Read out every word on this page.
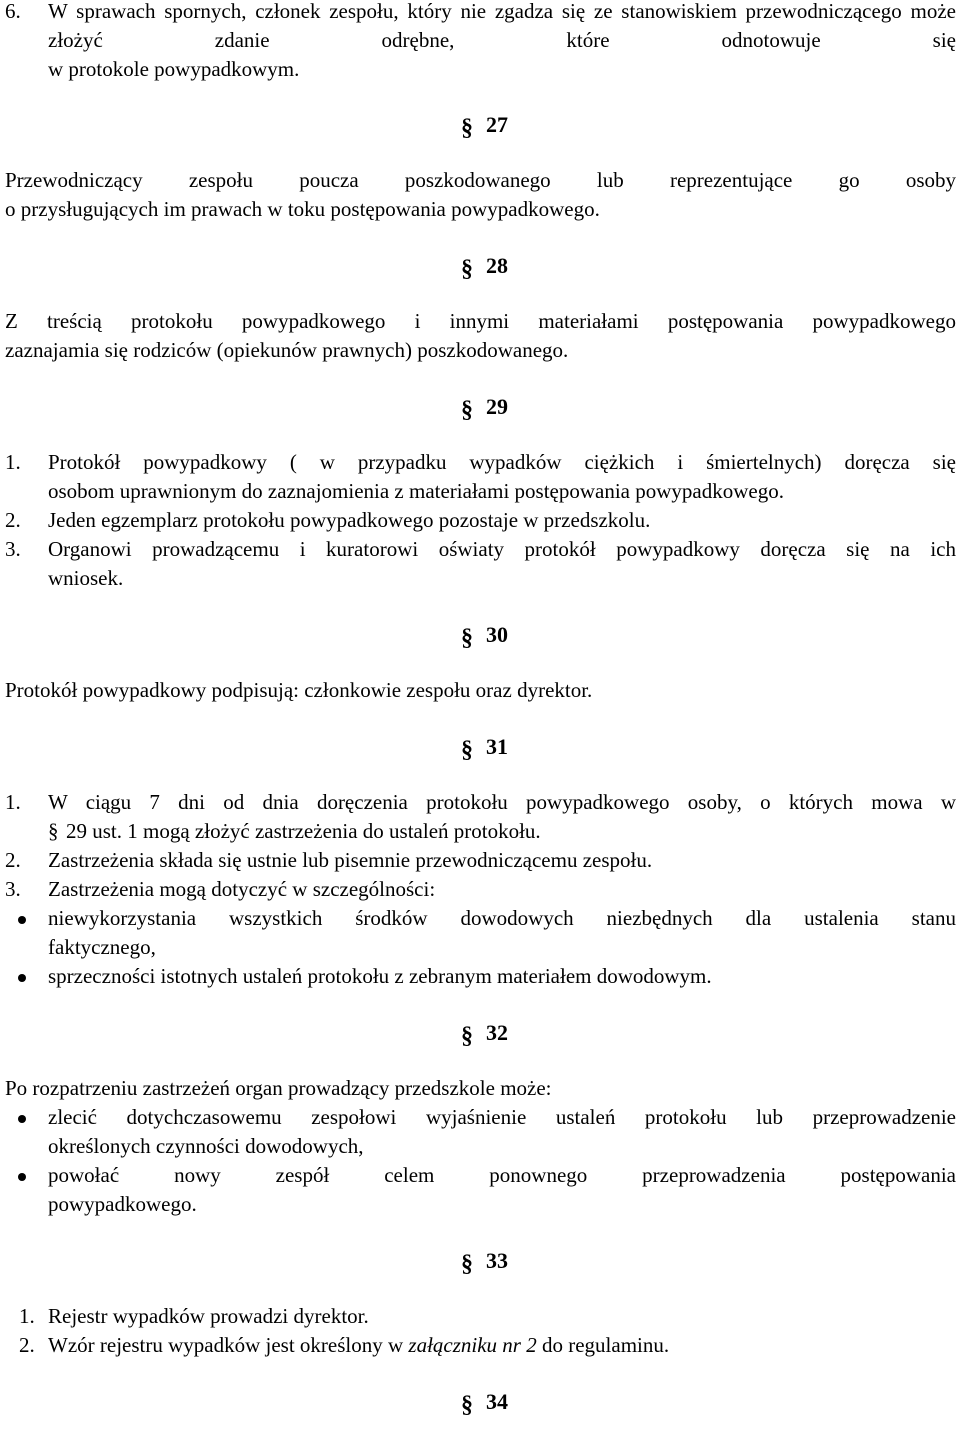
6. W sprawach spornych, członek zespołu, który nie zgadza się ze stanowiskiem przewodniczącego może złożyć zdanie odrębne, które odnotowuje się
w protokole powypadkowym.
§ 27
Przewodniczący zespołu poucza poszkodowanego lub reprezentujące go osoby
o przysługujących im prawach w toku postępowania powypadkowego.
§ 28
Z treścią protokołu powypadkowego i innymi materiałami postępowania powypadkowego
zaznajamia się rodziców (opiekunów prawnych) poszkodowanego.
§ 29
1. Protokół powypadkowy ( w przypadku wypadków ciężkich i śmiertelnych) doręcza się
osobom uprawnionym do zaznajomienia z materiałami postępowania powypadkowego.
2. Jeden egzemplarz protokołu powypadkowego pozostaje w przedszkolu.
3. Organowi prowadzącemu i kuratorowi oświaty protokół powypadkowy doręcza się na ich
wniosek.
§ 30
Protokół powypadkowy podpisują: członkowie zespołu oraz dyrektor.
§ 31
1. W ciągu 7 dni od dnia doręczenia protokołu powypadkowego osoby, o których mowa w
§ 29 ust. 1 mogą złożyć zastrzeżenia do ustaleń protokołu.
2. Zastrzeżenia składa się ustnie lub pisemnie przewodniczącemu zespołu.
3. Zastrzeżenia mogą dotyczyć w szczególności:
niewykorzystania wszystkich środków dowodowych niezbędnych dla ustalenia stanu
faktycznego,
sprzeczności istotnych ustaleń protokołu z zebranym materiałem dowodowym.
§ 32
Po rozpatrzeniu zastrzeżeń organ prowadzący przedszkole może:
zlecić dotychczasowemu zespołowi wyjaśnienie ustaleń protokołu lub przeprowadzenie
określonych czynności dowodowych,
powołać nowy zespół celem ponownego przeprowadzenia postępowania
powypadkowego.
§ 33
1. Rejestr wypadków prowadzi dyrektor.
2. Wzór rejestru wypadków jest określony w załączniku nr 2 do regulaminu.
§ 34
